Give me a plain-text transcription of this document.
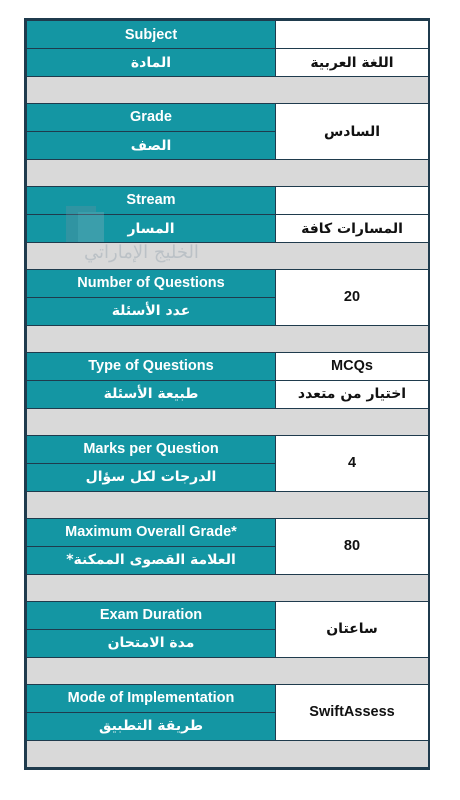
Subject	
المادة	اللغة العربية

Grade	السادس
الصف	

Stream	
المسار	المسارات كافة

Number of Questions	20
عدد الأسئلة	

Type of Questions	MCQs
طبيعة الأسئلة	اختيار من متعدد

Marks per Question	4
الدرجات لكل سؤال	

Maximum Overall Grade*	80
العلامة القصوى الممكنة*	

Exam Duration	ساعتان
مدة الامتحان	

Mode of Implementation	SwiftAssess
طريقة التطبيق	

الخليج الإماراتي
